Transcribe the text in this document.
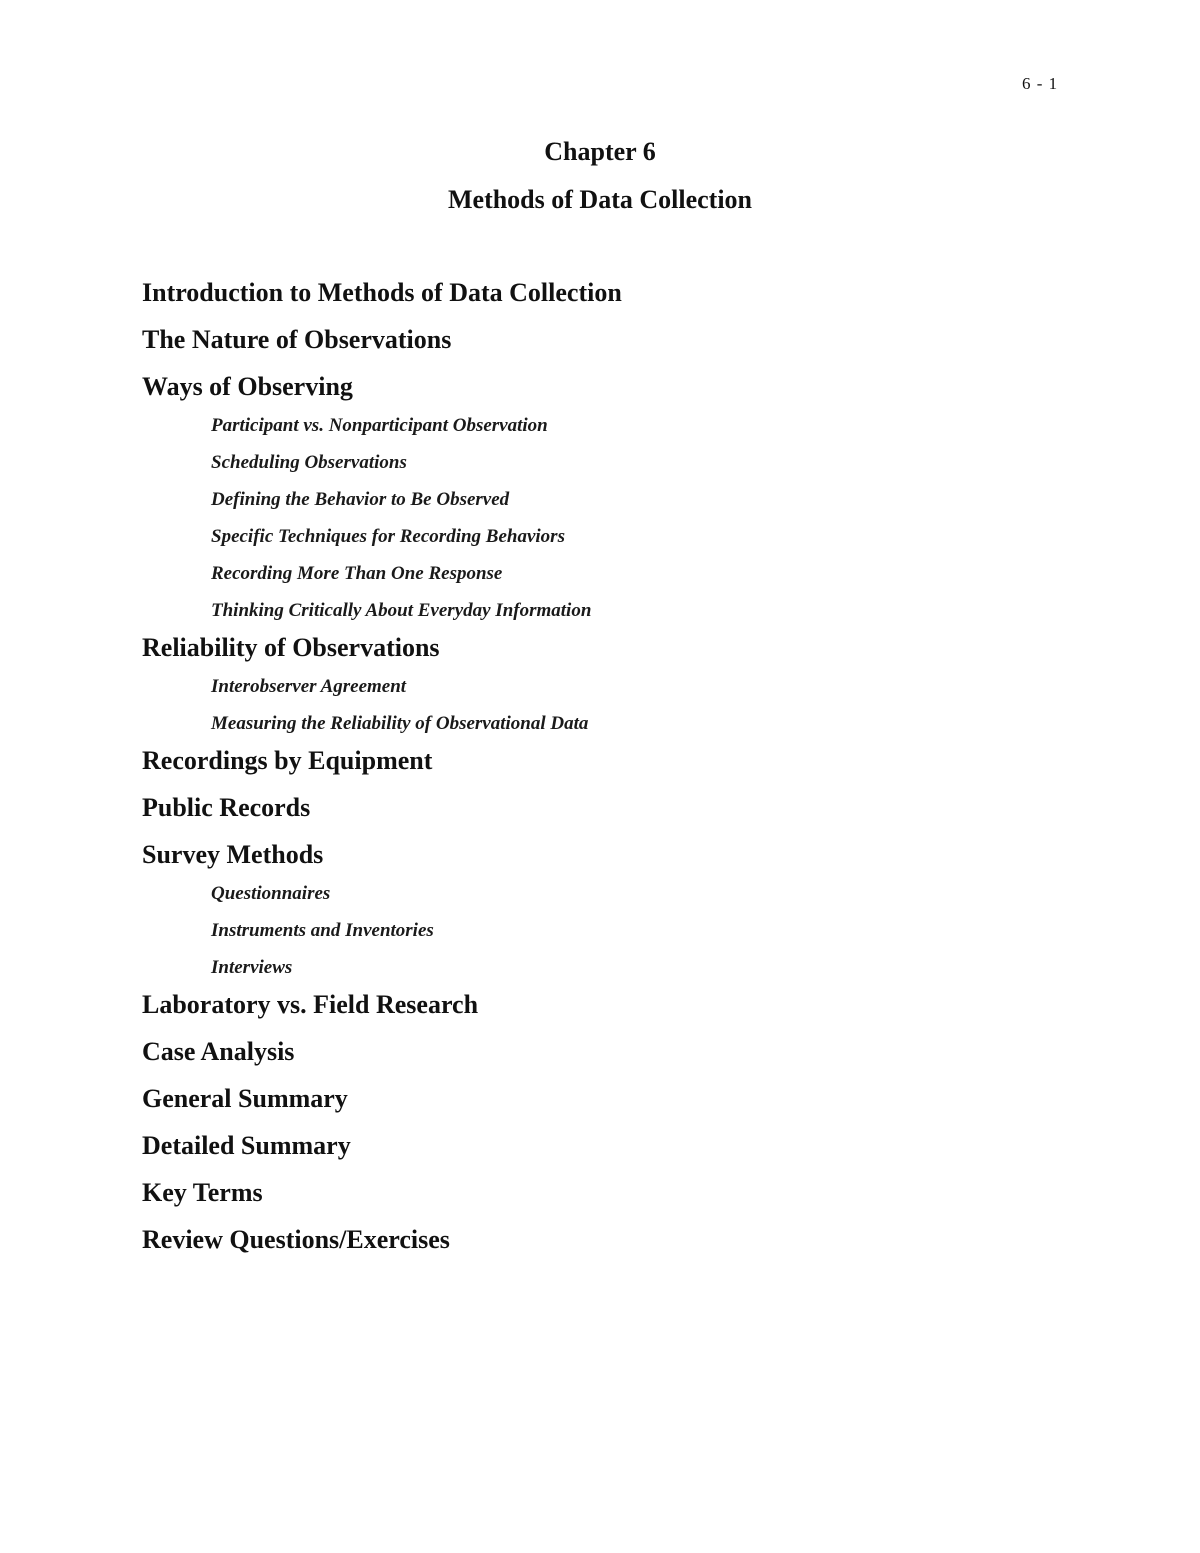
6 - 1
Chapter 6
Methods of Data Collection
Introduction to Methods of Data Collection
The Nature of Observations
Ways of Observing
Participant vs. Nonparticipant Observation
Scheduling Observations
Defining the Behavior to Be Observed
Specific Techniques for Recording Behaviors
Recording More Than One Response
Thinking Critically About Everyday Information
Reliability of Observations
Interobserver Agreement
Measuring the Reliability of Observational Data
Recordings by Equipment
Public Records
Survey Methods
Questionnaires
Instruments and Inventories
Interviews
Laboratory vs. Field Research
Case Analysis
General Summary
Detailed Summary
Key Terms
Review Questions/Exercises
